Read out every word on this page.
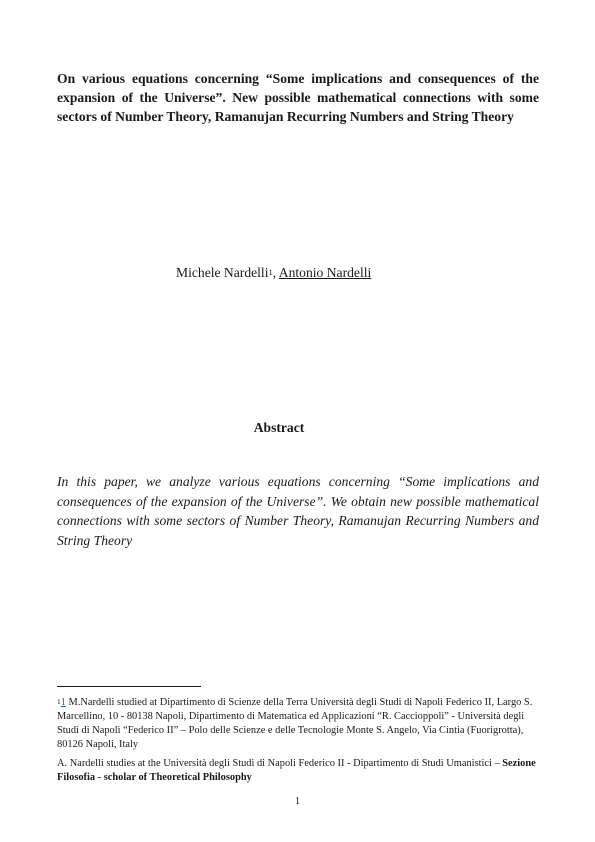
On various equations concerning “Some implications and consequences of the expansion of the Universe”. New possible mathematical connections with some sectors of Number Theory, Ramanujan Recurring Numbers and String Theory
Michele Nardelli$^1$, Antonio Nardelli
Abstract

In this paper, we analyze various equations concerning “Some implications and consequences of the expansion of the Universe”. We obtain new possible mathematical connections with some sectors of Number Theory, Ramanujan Recurring Numbers and String Theory

$^1$1 M.Nardelli studied at Dipartimento di Scienze della Terra Università degli Studi di Napoli Federico II, Largo S. Marcellino, 10 - 80138 Napoli, Dipartimento di Matematica ed Applicazioni “R. Caccioppoli” - Università degli Studi di Napoli “Federico II” – Polo delle Scienze e delle Tecnologie Monte S. Angelo, Via Cintia (Fuorigrotta), 80126 Napoli, Italy

A. Nardelli studies at the Università degli Studi di Napoli Federico II - Dipartimento di Studi Umanistici – Sezione Filosofia - scholar of Theoretical Philosophy

1
